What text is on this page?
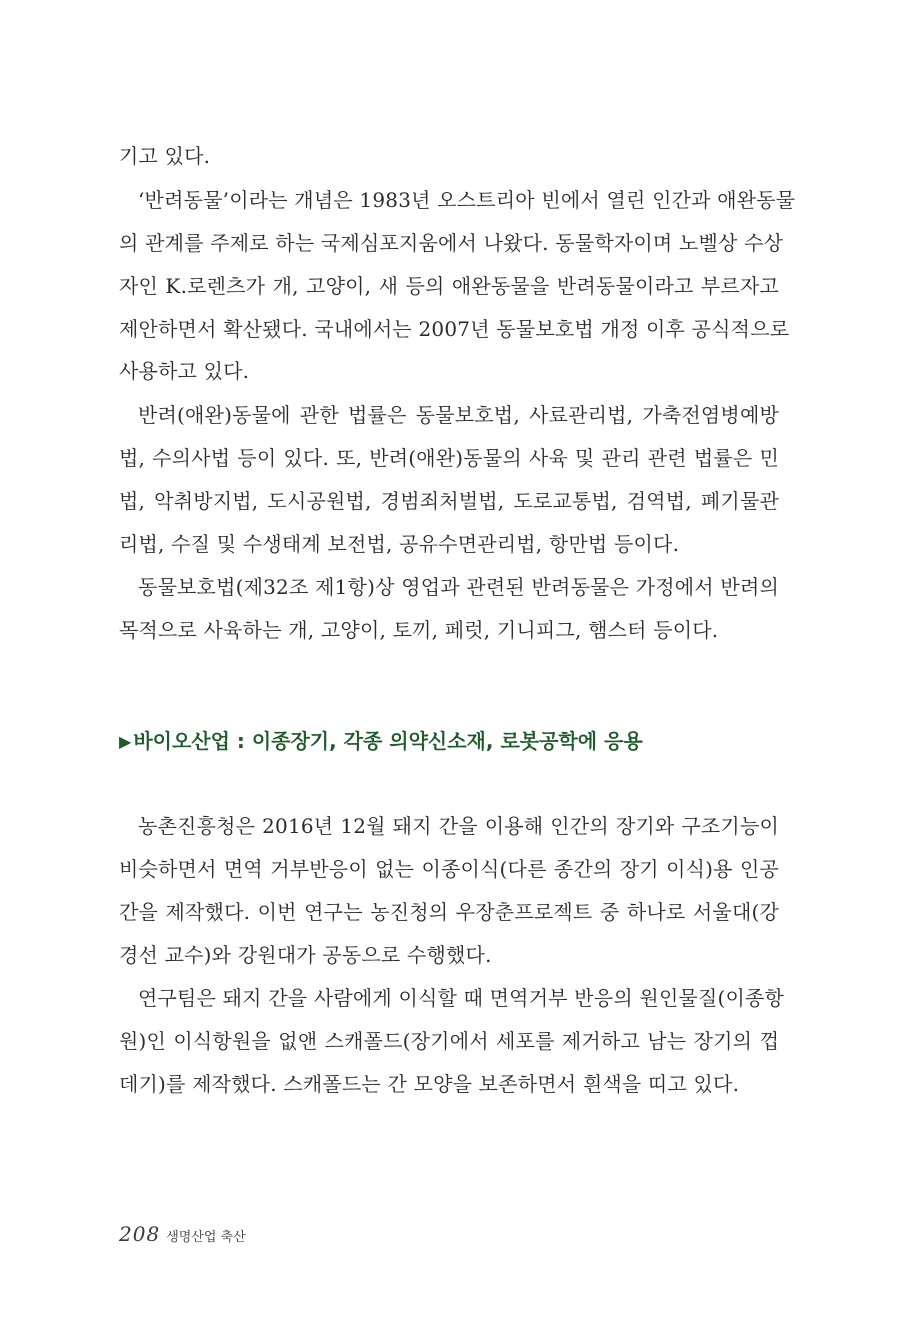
기고 있다.
‘반려동물’이라는 개념은 1983년 오스트리아 빈에서 열린 인간과 애완동물
의 관계를 주제로 하는 국제심포지움에서 나왔다. 동물학자이며 노벨상 수상
자인 K.로렌츠가 개, 고양이, 새 등의 애완동물을 반려동물이라고 부르자고
제안하면서 확산됐다. 국내에서는 2007년 동물보호법 개정 이후 공식적으로
사용하고 있다.
반려(애완)동물에 관한 법률은 동물보호법, 사료관리법, 가축전염병예방
법, 수의사법 등이 있다. 또, 반려(애완)동물의 사육 및 관리 관련 법률은 민
법, 악취방지법, 도시공원법, 경범죄처벌법, 도로교통법, 검역법, 폐기물관
리법, 수질 및 수생태계 보전법, 공유수면관리법, 항만법 등이다.
동물보호법(제32조 제1항)상 영업과 관련된 반려동물은 가정에서 반려의
목적으로 사육하는 개, 고양이, 토끼, 페럿, 기니피그, 햄스터 등이다.
▶ 바이오산업 : 이종장기, 각종 의약신소재, 로봇공학에 응용
농촌진흥청은 2016년 12월 돼지 간을 이용해 인간의 장기와 구조기능이
비슷하면서 면역 거부반응이 없는 이종이식(다른 종간의 장기 이식)용 인공
간을 제작했다. 이번 연구는 농진청의 우장춘프로젝트 중 하나로 서울대(강
경선 교수)와 강원대가 공동으로 수행했다.
연구팀은 돼지 간을 사람에게 이식할 때 면역거부 반응의 원인물질(이종항
원)인 이식항원을 없앤 스캐폴드(장기에서 세포를 제거하고 남는 장기의 껍
데기)를 제작했다. 스캐폴드는 간 모양을 보존하면서 흰색을 띠고 있다.
208 생명산업 축산
